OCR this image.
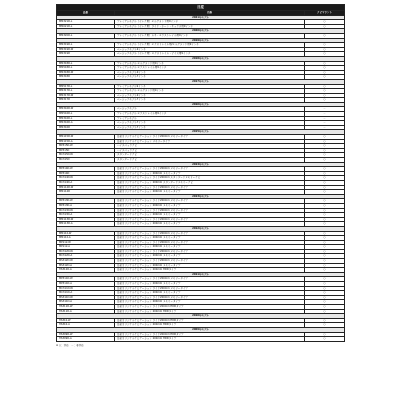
日産		
品番	名称	ナビマウント
2021年モデル		
MM321D-L	プレミアムモデル（セレナ用）エルグランド用9インチ	○
MM021D-L	プレミアムモデル（セレナ用）ワイド・ホーン・キックス用9インチ	○
2020年モデル		
MM320D-L	プレミアムモデル（セレナ用）ルキ・エクストレイル用9インチ	○
2019年モデル		
MM319D-L	プレミアムモデル（セレナ用）エクストレイル用/エルグランド用9インチ	○
MM319D-W	ベーシックモデル9インチ	○
MM319D	ベーシックモデル（セレナ用）エクストレイル・デイズ用9インチ	○
2018年モデル		
MM318D-L	プレミアムモデル エルグランド用9インチ	○
MM518D-L	プレミアムモデル エクストレイル用9インチ	○
MM318D-W	ベーシックモデル9インチ	○
MM318D	ベーシックモデル7インチ	○
2017年モデル		
MM517D-L	プレミアムモデル9インチ	○
MM317D-L	プレミアムモデル エルグランド用9インチ	○
MM317D-W	ベーシックモデル9インチ	○
MM317D	ベーシックモデル7インチ	○
2016年モデル		
MM316D-W	ベーシックモデル	－
MM516D-L	プレミアムモデル エクストレイル用9インチ	－
MM316D-L	プレミアムモデル	－
MM316D-A	ベーシックモデル7インチ	－
MM316D	ベーシックモデル7インチ	－
2015年モデル		
MM115D-W	日産オリジナルナビゲーション ワイド200mm メモリータイプ	○
MM115D-A	日産オリジナルナビゲーション メモリータイプ	○
MP315D-W	ハイスペックナビ	○
MP315D	ハイスペックナビ	○
MC315D-W	スタンダードナビ	○
MC315D	スタンダードナビ	○
2014年モデル		
MP314D-W	日産オリジナルナビゲーション ワイド200mm メモリータイプ	○
MP314D	日産オリジナルナビゲーション 200mm メモリータイプ	○
MC314D-W	日産オリジナルナビゲーション ワイド200mm スタンダードメモリーナビ	○
MC314D-A	日産オリジナルナビゲーション 200mm スタンダードメモリーナビ	○
MM114D-W	日産オリジナルナビゲーション ワイド200mm メモリータイプ	○
MM114D	日産オリジナルナビゲーション 200mm メモリータイプ	○
2013年モデル		
MP313D-W	日産オリジナルナビゲーション ワイド200mm メモリータイプ	○
MP313D-A	日産オリジナルナビゲーション 200mm メモリータイプ	○
MC313D-W	日産オリジナルナビゲーション ワイド200mm メモリータイプ	○
MC313D-A	日産オリジナルナビゲーション 200mm メモリータイプ	○
MM113D-W	日産オリジナルナビゲーション ワイド200mm メモリータイプ	○
MM113D-A	日産オリジナルナビゲーション 200mm メモリータイプ	○
2012年モデル		
MM112-W	日産オリジナルナビゲーション ワイド200mm メモリータイプ	○
MM112-A	日産オリジナルナビゲーション 200mm メモリータイプ	○
MP112-W	日産オリジナルナビゲーション ワイド200mm メモリータイプ	○
MP112-A	日産オリジナルナビゲーション 200mm メモリータイプ	○
MC312D-W	日産オリジナルナビゲーション ワイド200mm メモリータイプ	○
MC312D-A	日産オリジナルナビゲーション 200mm メモリータイプ	○
MS312D-W	日産オリジナルナビゲーション ワイド200mm メモリータイプ	○
MS312D-A	日産オリジナルナビゲーション 200mm メモリータイプ	○
HS312D-A	日産オリジナルナビゲーション 200mm HDDタイプ	○
2011年モデル		
MP311D-W	日産オリジナルナビゲーション ワイド200mm メモリータイプ	○
MP311D-A	日産オリジナルナビゲーション 200mm メモリータイプ	○
MC311D-W	日産オリジナルナビゲーション ワイド200mm メモリータイプ	○
MC311D-A	日産オリジナルナビゲーション 200mm メモリータイプ	○
MS311D-W	日産オリジナルナビゲーション ワイド200mm メモリータイプ	○
MS311D-A	日産オリジナルナビゲーション 200mm メモリータイプ	○
HS311D-W	日産オリジナルナビゲーション ワイド200mm HDDタイプ	○
HS311D-A	日産オリジナルナビゲーション 200mm HDDタイプ	○
2010年モデル		
HS310-W	日産オリジナルナビゲーション ワイド200mm HDDタイプ	○
HS310-A	日産オリジナルナビゲーション 200mm HDDタイプ	○
2009年モデル		
HS309D-W	日産オリジナルナビゲーション ワイド200mm HDDタイプ	○
HS309D-A	日産オリジナルナビゲーション 200mm HDDタイプ	○
※ ○：対応　－：非対応
